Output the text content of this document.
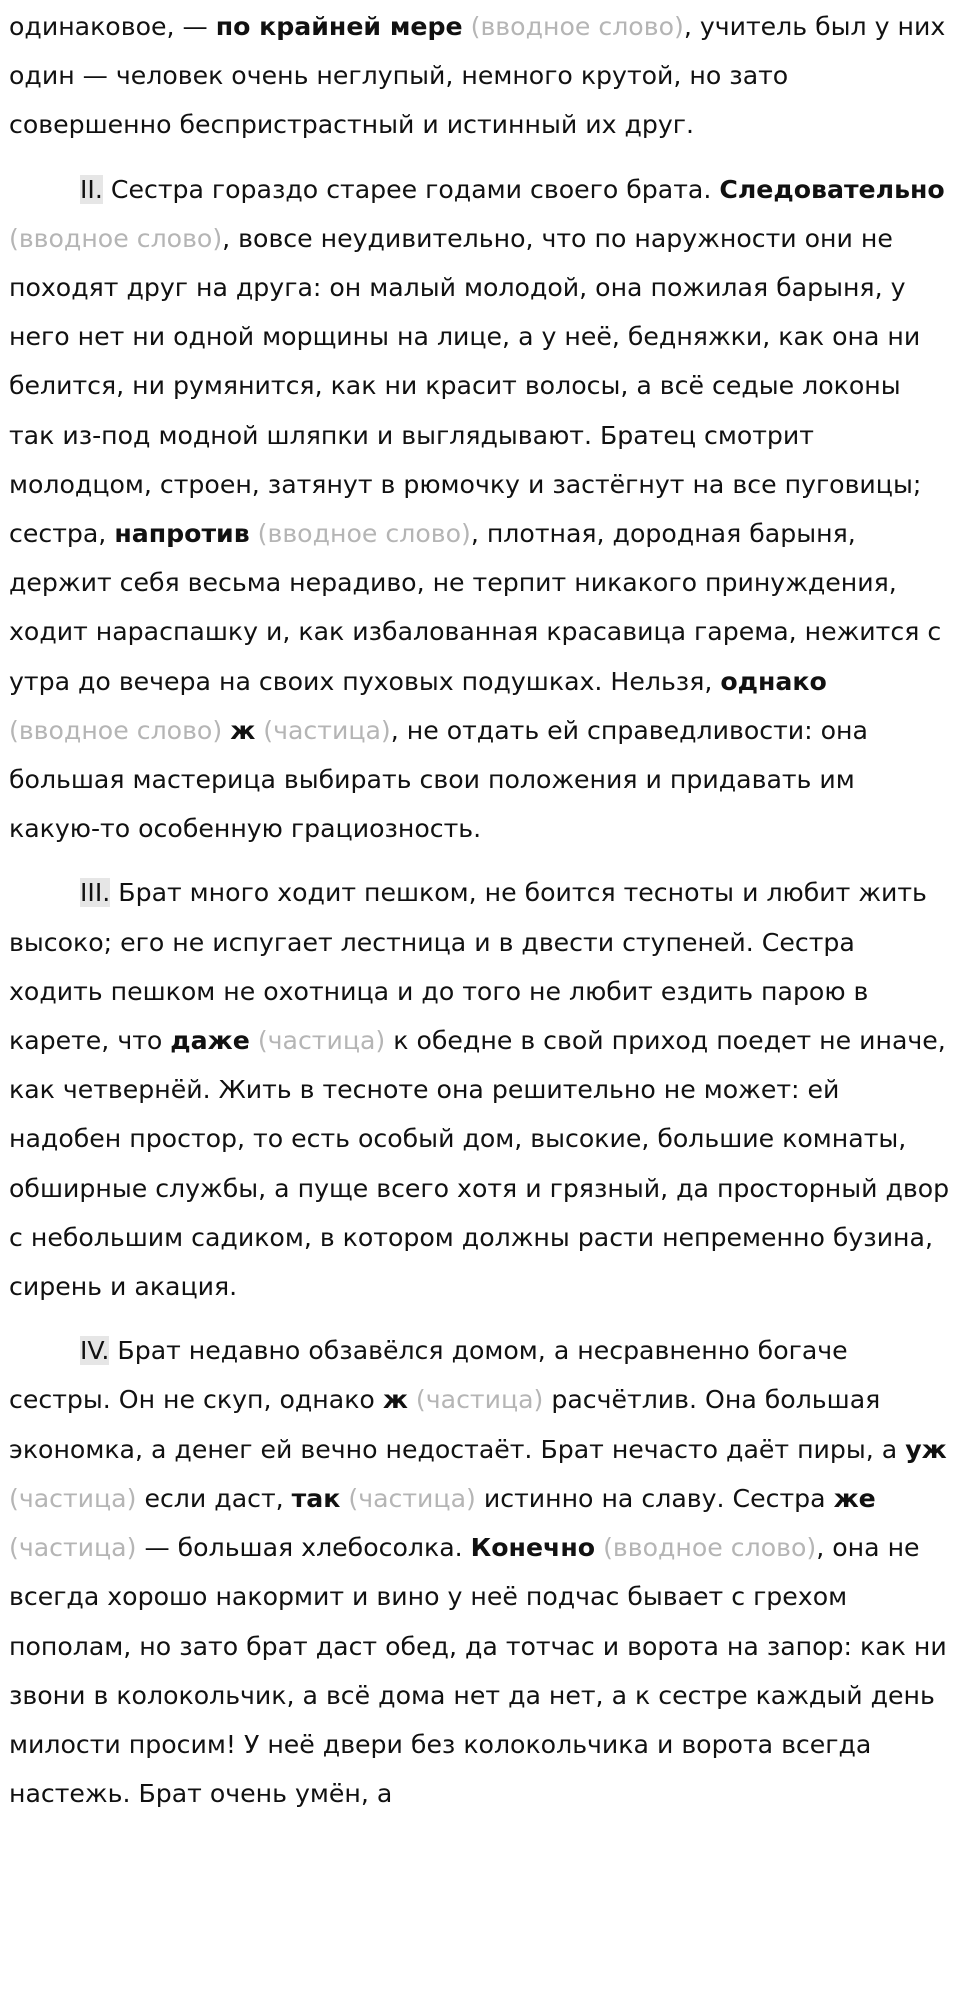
одинаковое, — по крайней мере (вводное слово), учитель был у них один — человек очень неглупый, немного крутой, но зато совершенно беспристрастный и истинный их друг.

II. Сестра гораздо старее годами своего брата. Следовательно (вводное слово), вовсе неудивительно, что по наружности они не походят друг на друга: он малый молодой, она пожилая барыня, у него нет ни одной морщины на лице, а у неё, бедняжки, как она ни белится, ни румянится, как ни красит волосы, а всё седые локоны так из-под модной шляпки и выглядывают. Братец смотрит молодцом, строен, затянут в рюмочку и застёгнут на все пуговицы; сестра, напротив (вводное слово), плотная, дородная барыня, держит себя весьма нерадиво, не терпит никакого принуждения, ходит нараспашку и, как избалованная красавица гарема, нежится с утра до вечера на своих пуховых подушках. Нельзя, однако (вводное слово) ж (частица), не отдать ей справедливости: она большая мастерица выбирать свои положения и придавать им какую-то особенную грациозность.

III. Брат много ходит пешком, не боится тесноты и любит жить высоко; его не испугает лестница и в двести ступеней. Сестра ходить пешком не охотница и до того не любит ездить парою в карете, что даже (частица) к обедне в свой приход поедет не иначе, как четвернёй. Жить в тесноте она решительно не может: ей надобен простор, то есть особый дом, высокие, большие комнаты, обширные службы, а пуще всего хотя и грязный, да просторный двор с небольшим садиком, в котором должны расти непременно бузина, сирень и акация.

IV. Брат недавно обзавёлся домом, а несравненно богаче сестры. Он не скуп, однако ж (частица) расчётлив. Она большая экономка, а денег ей вечно недостаёт. Брат нечасто даёт пиры, а уж (частица) если даст, так (частица) истинно на славу. Сестра же (частица) — большая хлебосолка. Конечно (вводное слово), она не всегда хорошо накормит и вино у неё подчас бывает с грехом пополам, но зато брат даст обед, да тотчас и ворота на запор: как ни звони в колокольчик, а всё дома нет да нет, а к сестре каждый день милости просим! У неё двери без колокольчика и ворота всегда настежь. Брат очень умён, а
